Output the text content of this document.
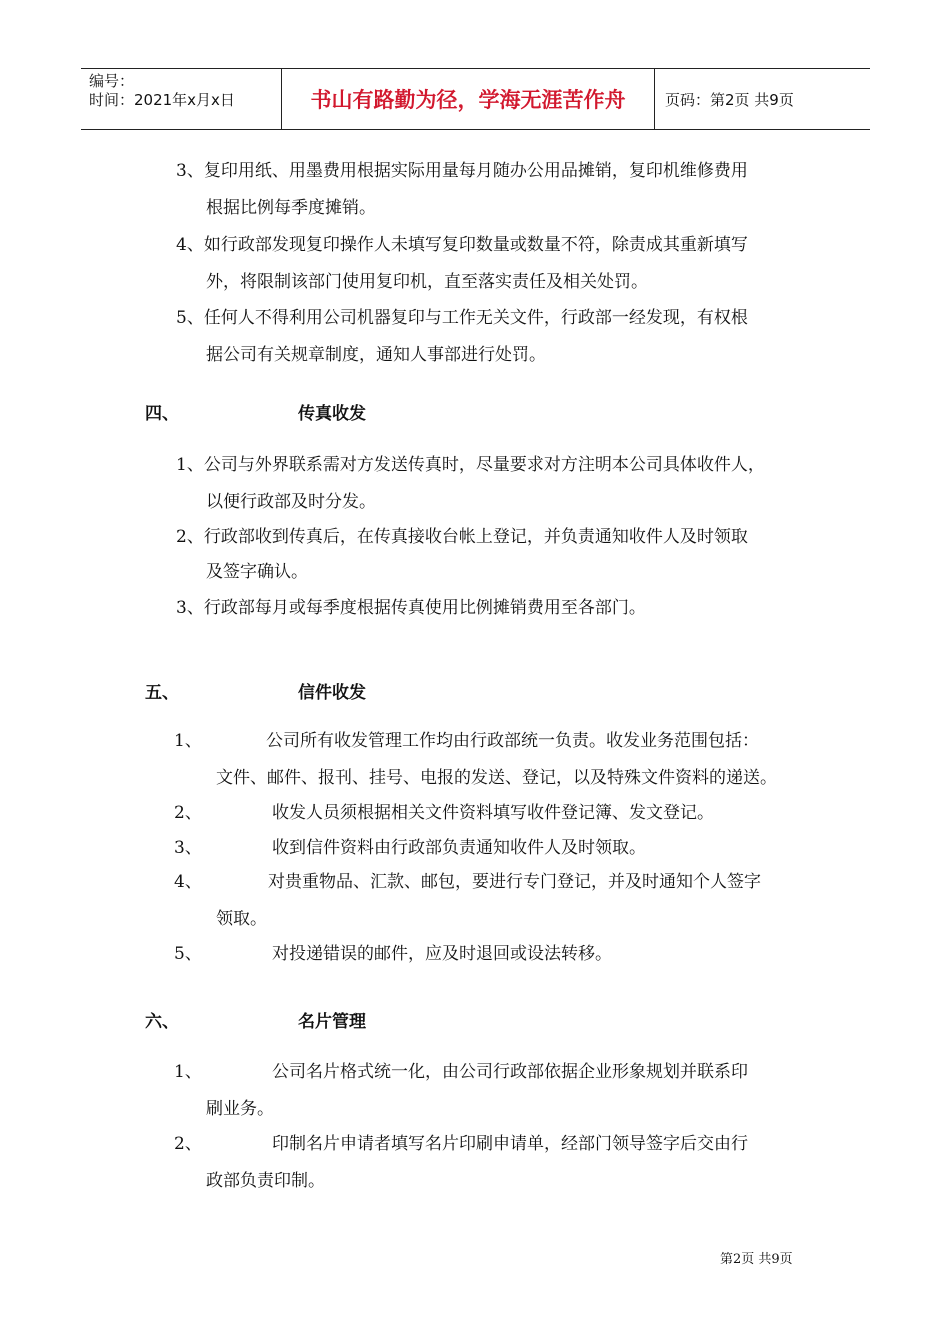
编号：
时间：2021年x月x日	书山有路勤为径，学海无涯苦作舟	页码：第2页 共9页
3、复印用纸、用墨费用根据实际用量每月随办公用品摊销，复印机维修费用
根据比例每季度摊销。
4、如行政部发现复印操作人未填写复印数量或数量不符，除责成其重新填写
外，将限制该部门使用复印机，直至落实责任及相关处罚。
5、任何人不得利用公司机器复印与工作无关文件，行政部一经发现，有权根
据公司有关规章制度，通知人事部进行处罚。
四、	传真收发
1、公司与外界联系需对方发送传真时，尽量要求对方注明本公司具体收件人，
以便行政部及时分发。
2、行政部收到传真后，在传真接收台帐上登记，并负责通知收件人及时领取
及签字确认。
3、行政部每月或每季度根据传真使用比例摊销费用至各部门。
五、	信件收发
1、	公司所有收发管理工作均由行政部统一负责。收发业务范围包括：
文件、邮件、报刊、挂号、电报的发送、登记，以及特殊文件资料的递送。
2、	收发人员须根据相关文件资料填写收件登记簿、发文登记。
3、	收到信件资料由行政部负责通知收件人及时领取。
4、	对贵重物品、汇款、邮包，要进行专门登记，并及时通知个人签字
领取。
5、	对投递错误的邮件，应及时退回或设法转移。
六、	名片管理
1、	公司名片格式统一化，由公司行政部依据企业形象规划并联系印
刷业务。
2、	印制名片申请者填写名片印刷申请单，经部门领导签字后交由行
政部负责印制。
第2页 共9页
